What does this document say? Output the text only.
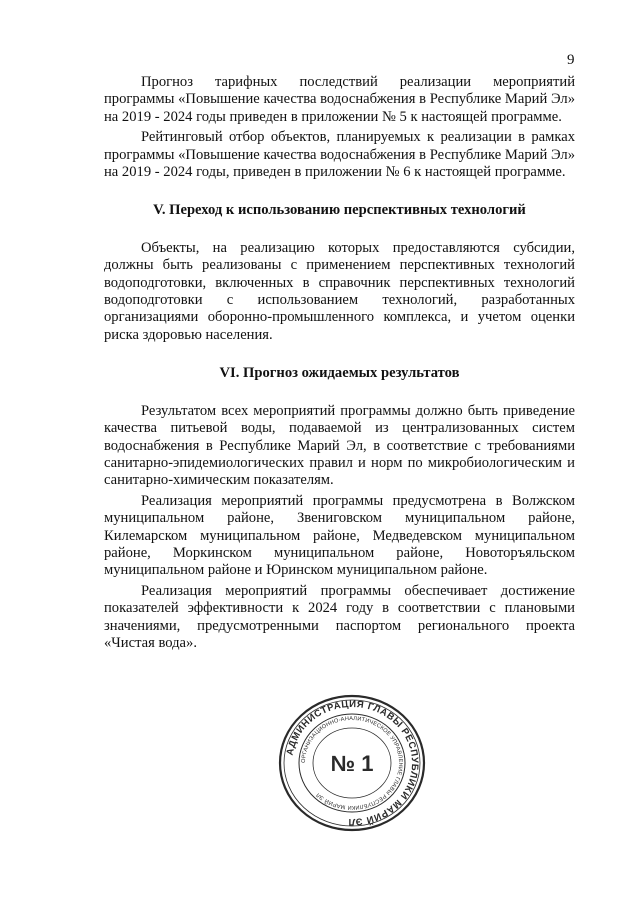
9

Прогноз тарифных последствий реализации мероприятий программы «Повышение качества водоснабжения в Республике Марий Эл» на 2019 - 2024 годы приведен в приложении № 5 к настоящей программе.

Рейтинговый отбор объектов, планируемых к реализации в рамках программы «Повышение качества водоснабжения в Республике Марий Эл» на 2019 - 2024 годы, приведен в приложении № 6 к настоящей программе.

V. Переход к использованию перспективных технологий

Объекты, на реализацию которых предоставляются субсидии, должны быть реализованы с применением перспективных технологий водоподготовки, включенных в справочник перспективных технологий водоподготовки с использованием технологий, разработанных организациями оборонно-промышленного комплекса, и учетом оценки риска здоровью населения.

VI. Прогноз ожидаемых результатов

Результатом всех мероприятий программы должно быть приведение качества питьевой воды, подаваемой из централизованных систем водоснабжения в Республике Марий Эл, в соответствие с требованиями санитарно-эпидемиологических правил и норм по микробиологическим и санитарно-химическим показателям.

Реализация мероприятий программы предусмотрена в Волжском муниципальном районе, Звениговском муниципальном районе, Килемарском муниципальном районе, Медведевском муниципальном районе, Моркинском муниципальном районе, Новоторъяльском муниципальном районе и Юринском муниципальном районе.

Реализация мероприятий программы обеспечивает достижение показателей эффективности к 2024 году в соответствии с плановыми значениями, предусмотренными паспортом регионального проекта «Чистая вода».

АДМИНИСТРАЦИЯ ГЛАВЫ РЕСПУБЛИКИ МАРИЙ ЭЛ
ОРГАНИЗАЦИОННО-АНАЛИТИЧЕСКОЕ УПРАВЛЕНИЕ ГЛАВЫ РЕСПУБЛИКИ МАРИЙ ЭЛ
№ 1
